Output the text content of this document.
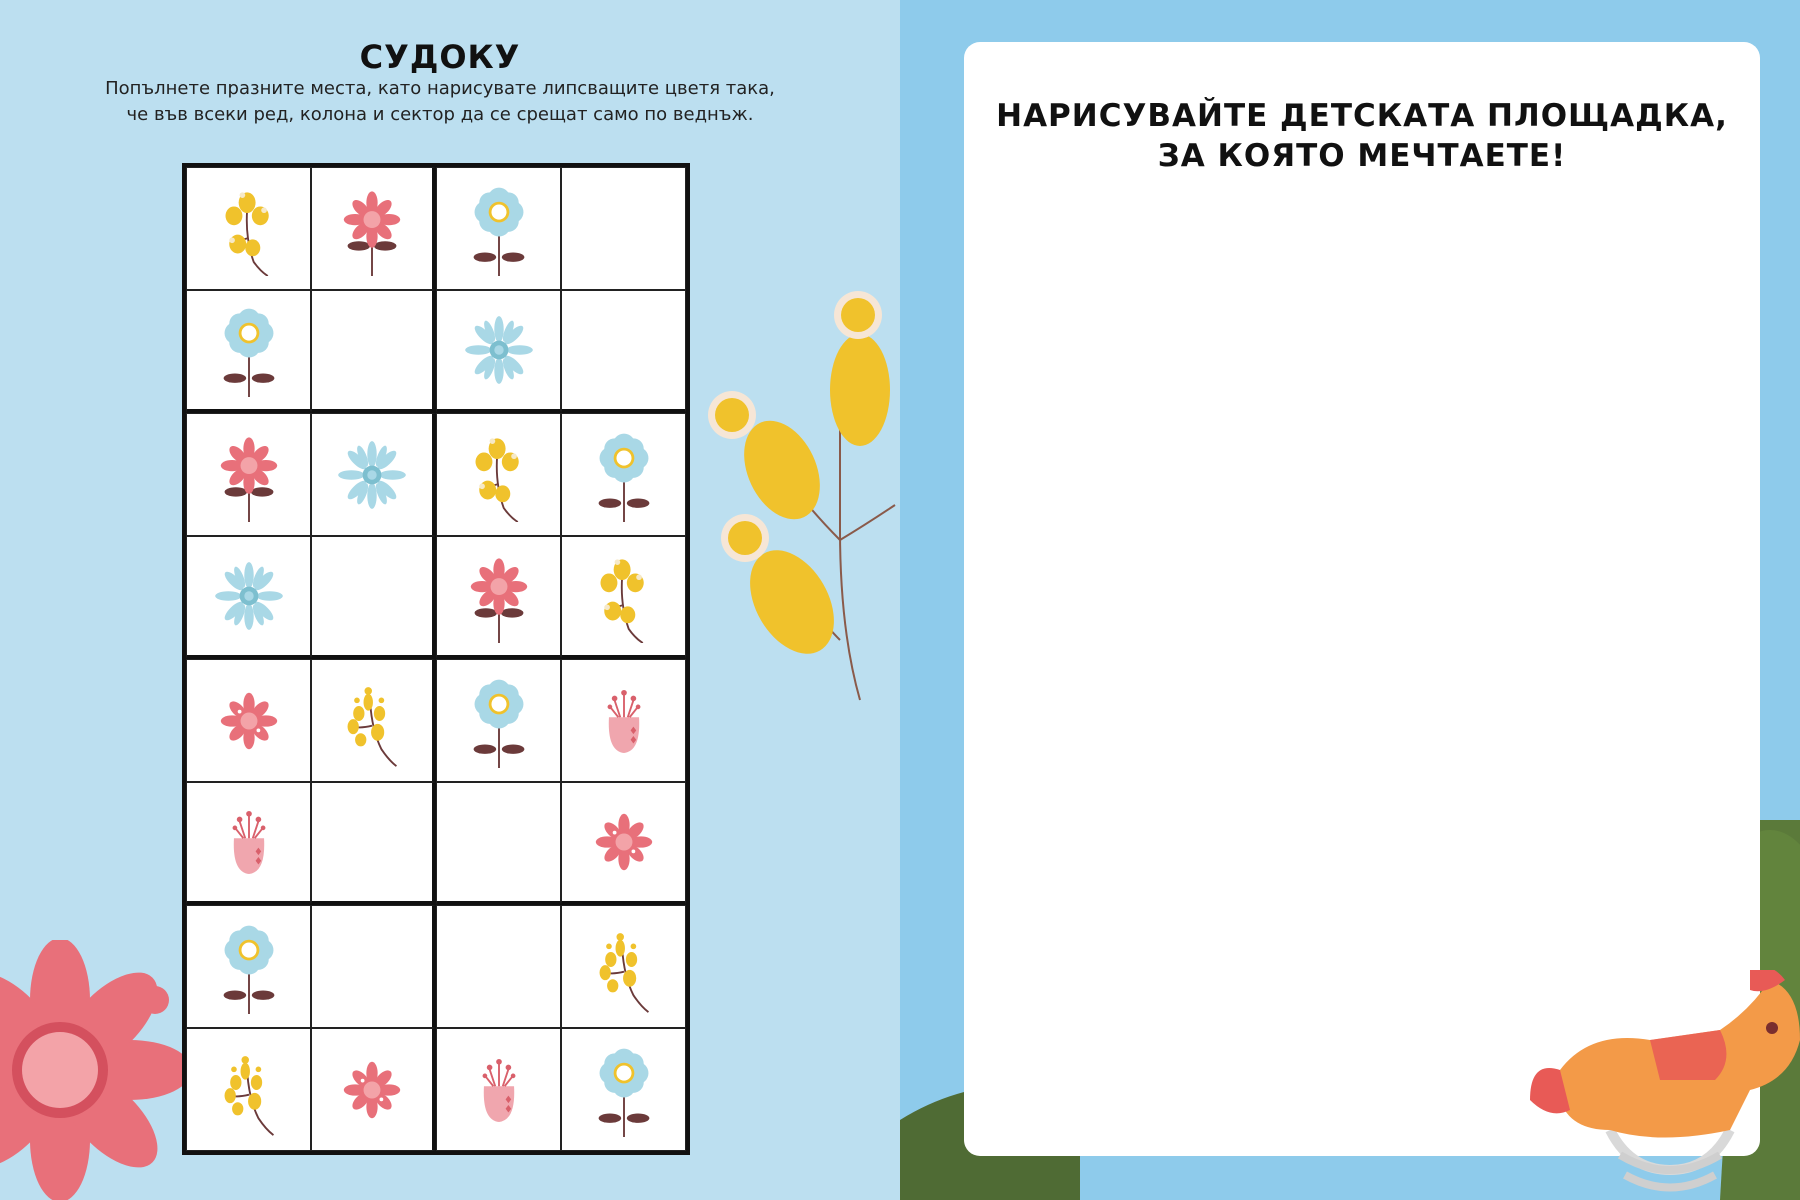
СУДОКУ
Попълнете празните места, като нарисувате липсващите цветя така,
че във всеки ред, колона и сектор да се срещат само по веднъж.	НАРИСУВАЙТЕ ДЕТСКАТА ПЛОЩАДКА,
ЗА КОЯТО МЕЧТАЕТЕ!
